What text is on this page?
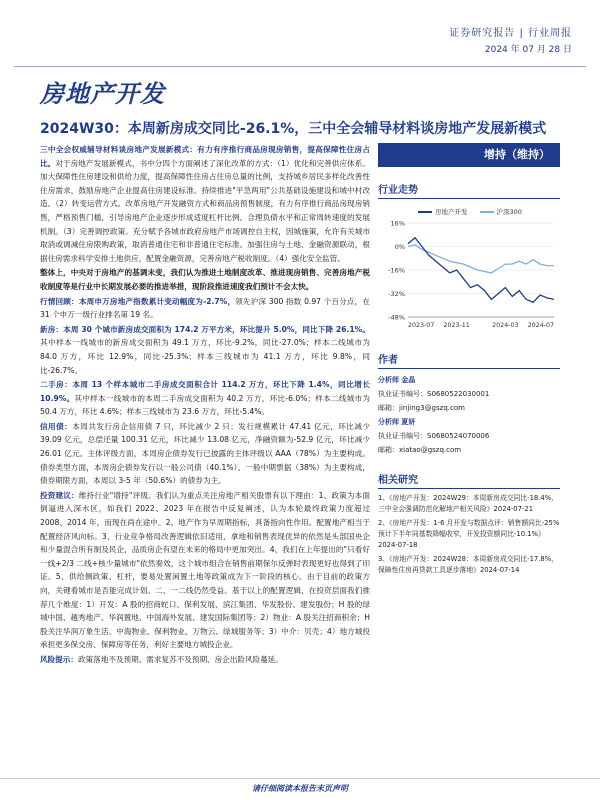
证券研究报告 | 行业周报
2024 年 07 月 28 日
房地产开发
2024W30：本周新房成交同比-26.1%，三中全会辅导材料谈房地产发展新模式

三中全会权威辅导材料谈房地产发展新模式：有力有序推行商品房现房销售，提高保障性住房占比。对于房地产发展新模式，书中分四个方面阐述了深化改革的方式：（1）优化和完善供应体系。加大保障性住房建设和供给力度，提高保障性住房占住房总量的比例，支持城乡居民多样化改善性住房需求，鼓励房地产企业提高住房建设标准。持续推进"平急两用"公共基础设施建设和城中村改造。（2）转变运营方式。改革房地产开发融资方式和商品房预售制度，有力有序推行商品房现房销售，严格预售门槛，引导房地产企业逐步形成适度杠杆比例、合理负债水平和正常周转速度的发展机制。（3）完善调控政策。充分赋予各城市政府房地产市场调控自主权，因城施策，允许有关城市取消或调减住房限购政策，取消普通住宅和非普通住宅标准。加强住房与土地、金融资源联动，根据住房需求科学安排土地供应，配置金融资源，完善房地产税收制度。（4）强化安全监管。

整体上，中央对于房地产的基调未变，我们认为推进土地制度改革、推进现房销售、完善房地产税收制度等是行业中长期发展必要的推进举措，现阶段推进速度我们预计不会太快。

行情回顾：本周申万房地产指数累计变动幅度为-2.7%，领先沪深 300 指数 0.97 个百分点，在 31 个申万一级行业排名第 19 名。

新房：本周 30 个城市新房成交面积为 174.2 万平方米，环比提升 5.0%，同比下降 26.1%。其中样本一线城市的新房成交面积为 49.1 万方，环比-9.2%，同比-27.0%；样本二线城市为 84.0 万方，环比 12.9%，同比-25.3%；样本三线城市为 41.1 万方，环比 9.8%，同比-26.7%。

二手房：本周 13 个样本城市二手房成交面积合计 114.2 万方，环比下降 1.4%，同比增长 10.9%。其中样本一线城市的本周二手房成交面积为 40.2 万方，环比-6.0%；样本二线城市为 50.4 万方，环比 4.6%；样本三线城市为 23.6 万方，环比-5.4%。

信用债：本周共发行房企信用债 7 只，环比减少 2 只；发行规模累计 47.41 亿元，环比减少 39.09 亿元，总偿还量 100.31 亿元，环比减少 13.08 亿元，净融资额为-52.9 亿元，环比减少 26.01 亿元。主体评级方面，本周房企债券发行已披露的主体评级以 AAA（78%）为主要构成。债券类型方面，本周房企债券发行以一般公司债（40.1%）、一般中期票据（38%）为主要构成，债券期限方面，本周以 3-5 年（50.6%）的债券为主。

投资建议：维持行业"增持"评级。我们认为重点关注房地产相关股票有以下理由：1、政策为本面倒逼进入深水区，如我们 2022、2023 年在报告中反复阐述，认为本轮最终政策力度超过 2008、2014 年，而现在尚在途中。2、地产作为早周期指标，具备指向性作用。配置地产相当于配置经济风向标。3、行业竞争格局改善逻辑依旧适用，拿地和销售表现优异的依然是头部国央企和少量混合所有制及民企，品质房企有望在未来的格局中更加突出。4、我们在上年提出的"只看好一线+2/3 二线+核少量城市"依然奏效，这个城市组合在销售前期保尔反弹时表现更好也得到了印证。5、供给侧政策、杠杆，要易处置闲置土地等政策成为下一阶段的核心。由于目前的政策方向，关键看城市是否能完成计划。二、一二线仍然受益。基于以上的配置逻辑，在投资层面我们推荐几个维度：1）开发：A 股的招商蛇口、保利发展、滨江集团、华发股份、建发股份；H 股的绿城中国、越秀地产、华润置地、中国海外发展、建发国际集团等；2）物业：A 股关注招商积余；H 股关注华润万象生活、中海物业、保利物业、万物云、绿城服务等；3）中介：贝壳；4）地方城投承担更多保交房、保障房等任务，利好主要地方城投企业。

风险提示：政策落地不及预期、需求复苏不及预期、房企出险风险蔓延。

增持（维持）
行业走势
房地产开发	沪深300
16%
0%
-16%
-32%
-48%
2023-07 2023-11	2024-03 2024-07
作者
分析师 金晶
执业证书编号：S0680522030001
邮箱：jinjing3@gszq.com
分析师 夏妍
执业证书编号：S0680524070006
邮箱：xiatao@gszq.com
相关研究
1、《房地产开发：2024W29：本周新房成交同比-18.4%，三中全会强调防范化解地产相关风险》2024-07-21
2、《房地产开发：1-6 月开发与数据点评：销售额同比-25%预计下半年同基数降幅收窄，开发投资额同比-10.1%》2024-07-18
3、《房地产开发：2024W28：本周新房成交同比-17.8%，保障性住房再贷款工具逐步落地》2024-07-14
请仔细阅读本报告末页声明
